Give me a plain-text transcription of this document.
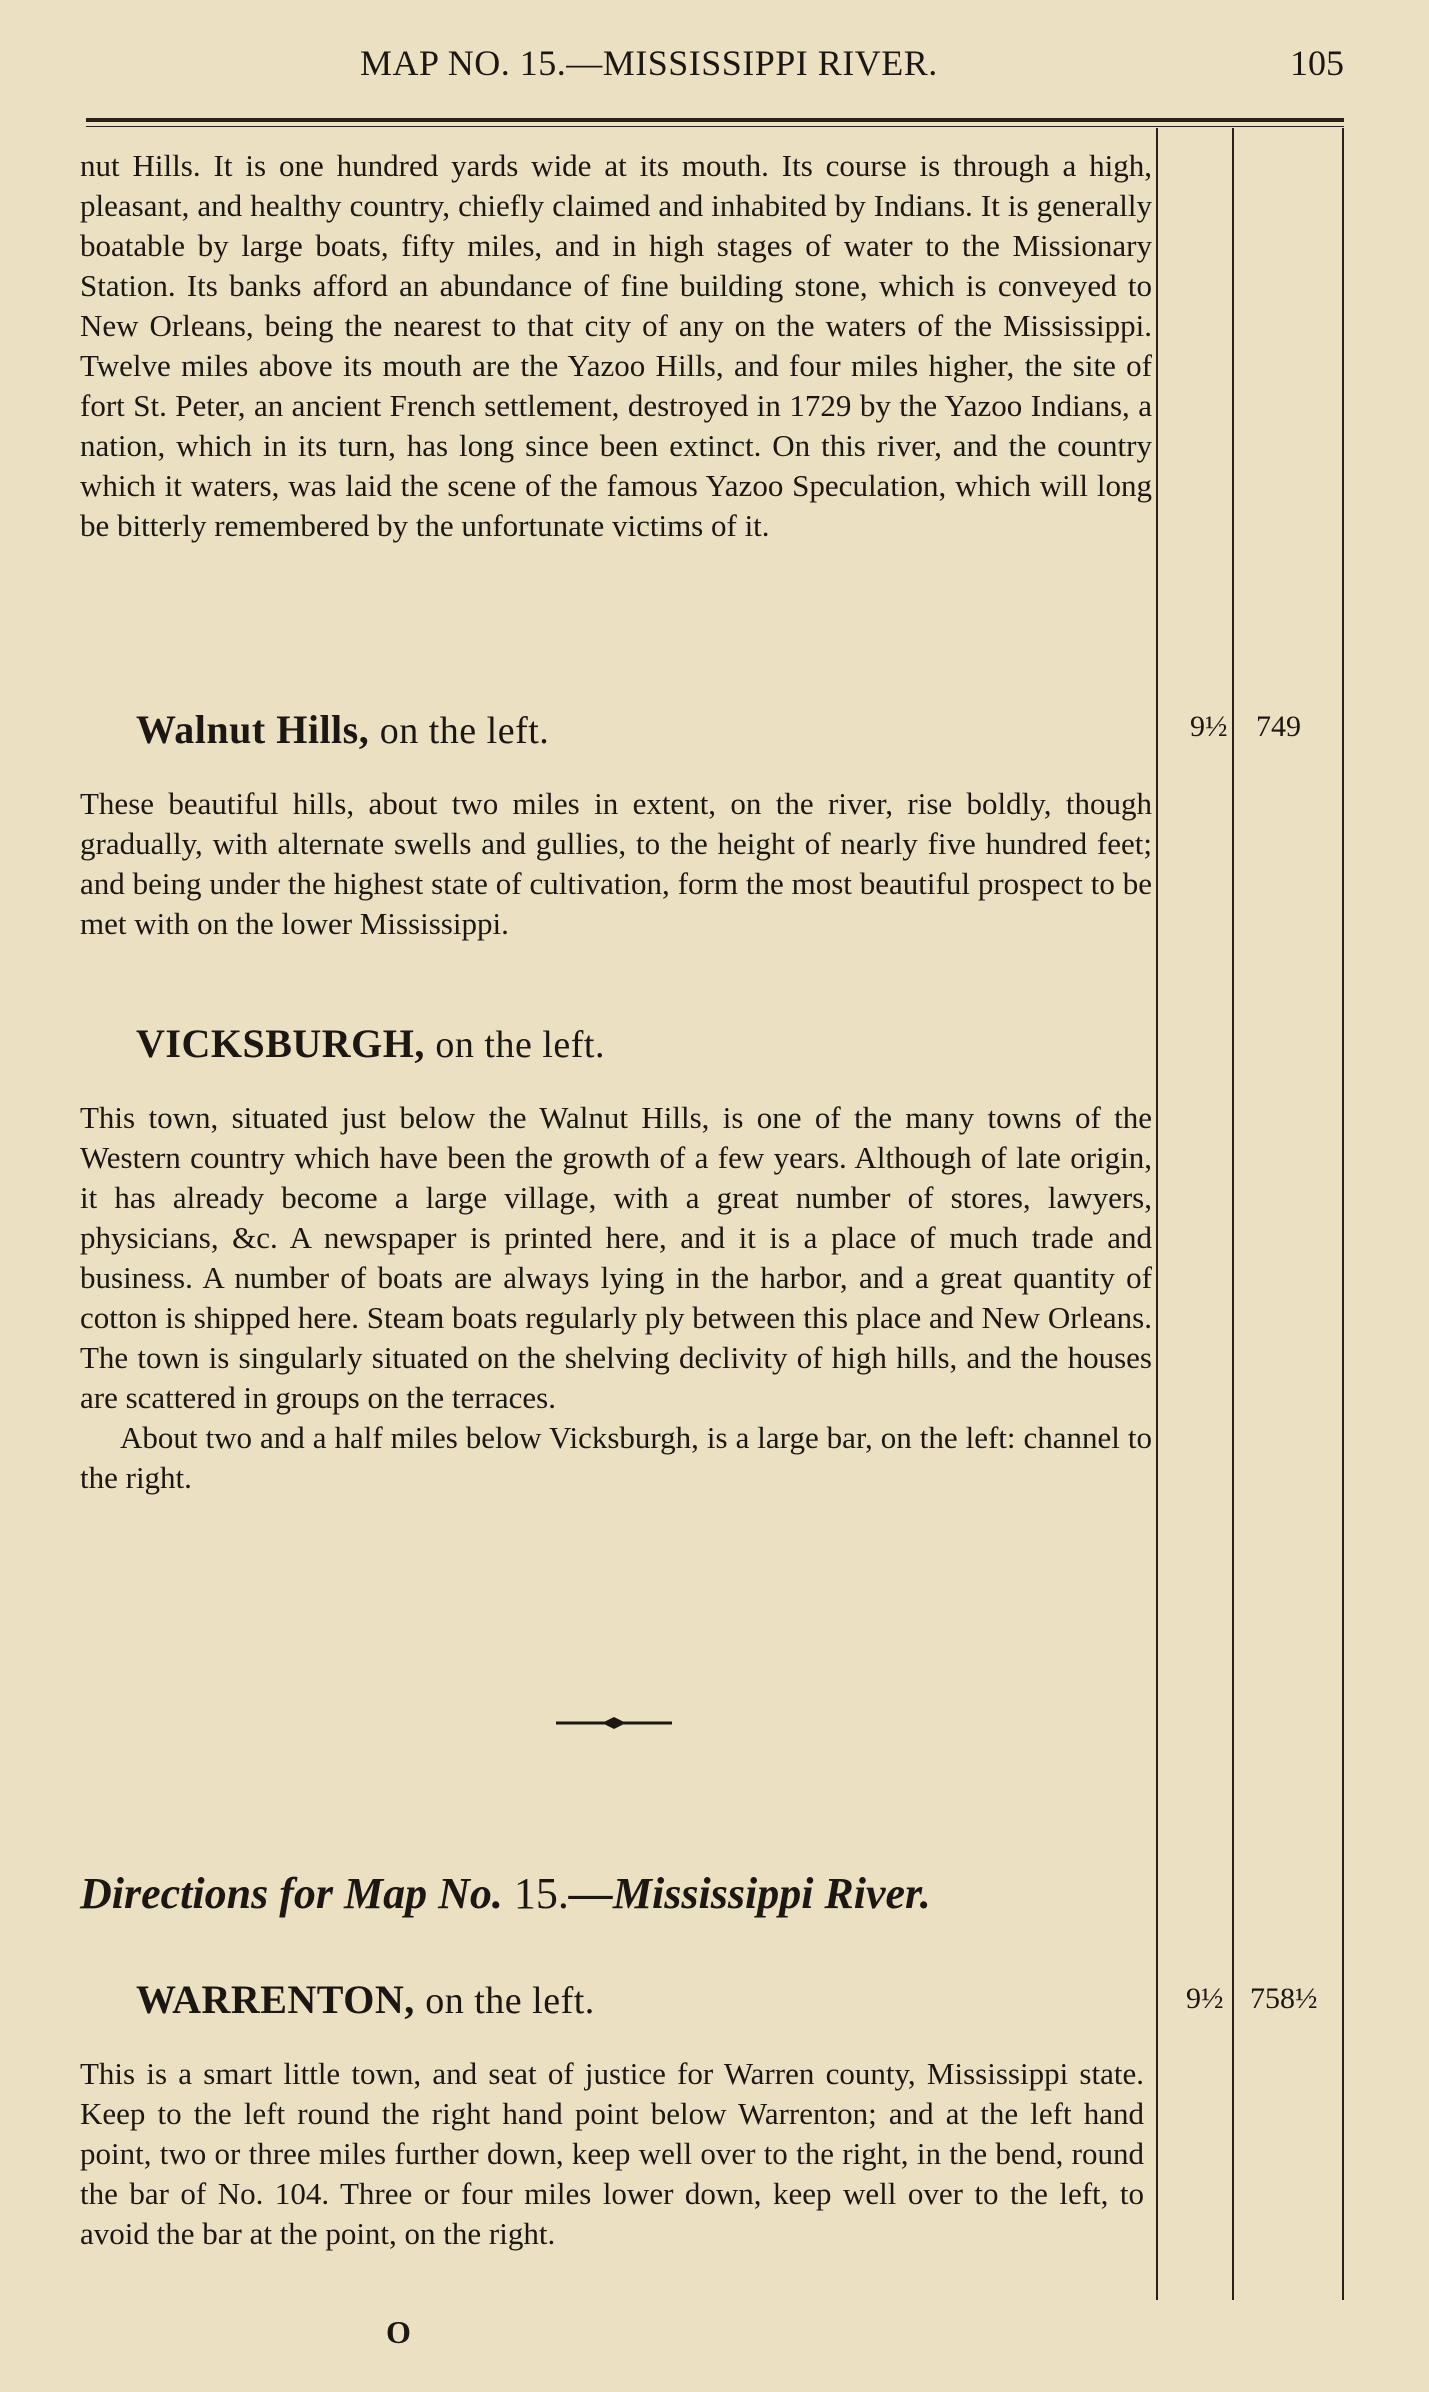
MAP NO. 15.—MISSISSIPPI RIVER.	105

nut Hills. It is one hundred yards wide at its mouth. Its course is through a high, pleasant, and healthy country, chiefly claimed and inhabited by Indians. It is generally boatable by large boats, fifty miles, and in high stages of water to the Missionary Station. Its banks afford an abundance of fine building stone, which is conveyed to New Orleans, being the nearest to that city of any on the waters of the Mississippi. Twelve miles above its mouth are the Yazoo Hills, and four miles higher, the site of fort St. Peter, an ancient French settlement, destroyed in 1729 by the Yazoo Indians, a nation, which in its turn, has long since been extinct. On this river, and the country which it waters, was laid the scene of the famous Yazoo Speculation, which will long be bitterly remembered by the unfortunate victims of it.

Walnut Hills, on the left.	9½ 749

These beautiful hills, about two miles in extent, on the river, rise boldly, though gradually, with alternate swells and gullies, to the height of nearly five hundred feet; and being under the highest state of cultivation, form the most beautiful prospect to be met with on the lower Mississippi.

VICKSBURGH, on the left.

This town, situated just below the Walnut Hills, is one of the many towns of the Western country which have been the growth of a few years. Although of late origin, it has already become a large village, with a great number of stores, lawyers, physicians, &c. A newspaper is printed here, and it is a place of much trade and business. A number of boats are always lying in the harbor, and a great quantity of cotton is shipped here. Steam boats regularly ply between this place and New Orleans. The town is singularly situated on the shelving declivity of high hills, and the houses are scattered in groups on the terraces.

About two and a half miles below Vicksburgh, is a large bar, on the left: channel to the right.

Directions for Map No. 15.—Mississippi River.
WARRENTON, on the left.	9½ 758½

This is a smart little town, and seat of justice for Warren county, Mississippi state. Keep to the left round the right hand point below Warrenton; and at the left hand point, two or three miles further down, keep well over to the right, in the bend, round the bar of No. 104. Three or four miles lower down, keep well over to the left, to avoid the bar at the point, on the right.

O
